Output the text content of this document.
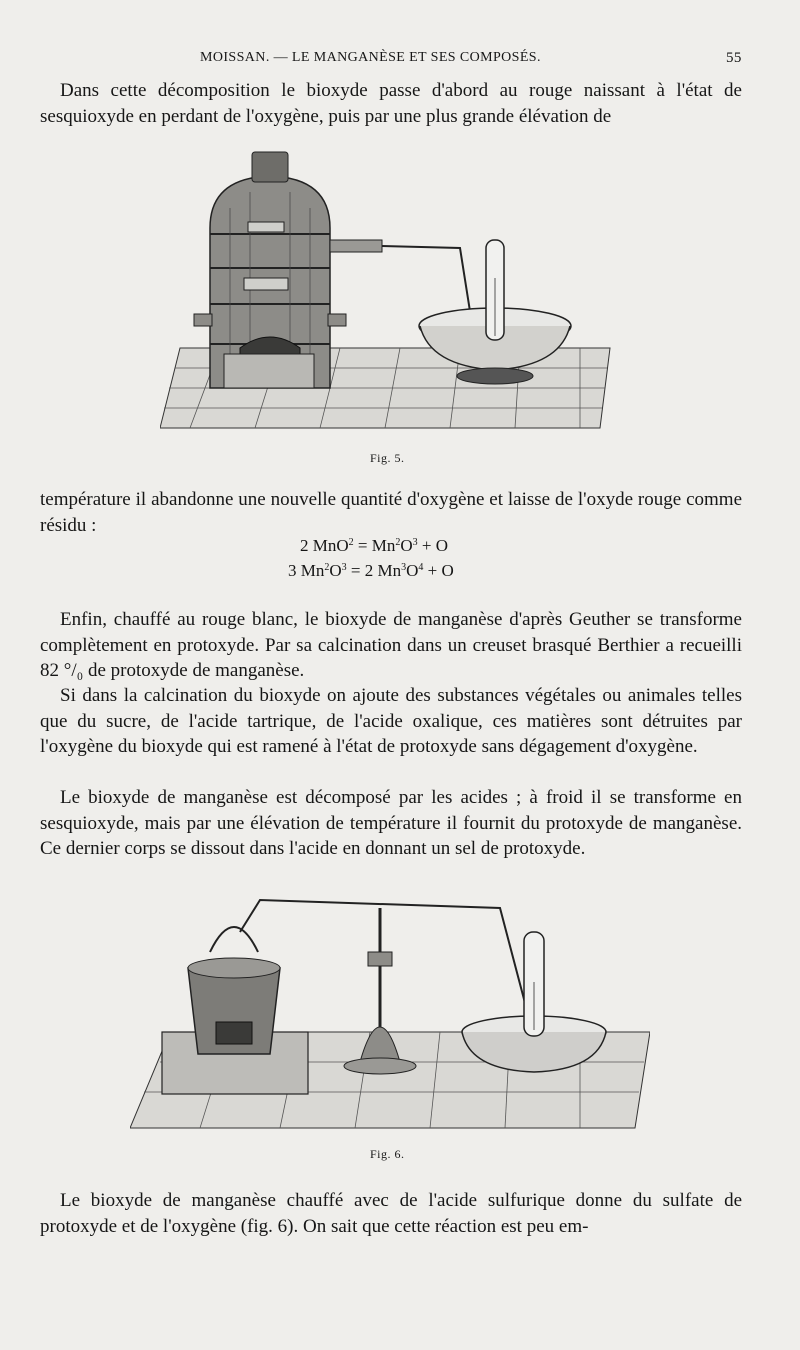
MOISSAN. — LE MANGANÈSE ET SES COMPOSÉS.	55

Dans cette décomposition le bioxyde passe d'abord au rouge naissant à l'état de sesquioxyde en perdant de l'oxygène, puis par une plus grande élévation de

Fig. 5.

température il abandonne une nouvelle quantité d'oxygène et laisse de l'oxyde rouge comme résidu :

2 $MnO^2 = Mn^2O^3 + O$
3 $Mn^2O^3 = 2$ $Mn^3O^4 + O$

Enfin, chauffé au rouge blanc, le bioxyde de manganèse d'après Geuther se transforme complètement en protoxyde. Par sa calcination dans un creuset brasqué Berthier a recueilli 82 °/₀ de protoxyde de manganèse.

Si dans la calcination du bioxyde on ajoute des substances végétales ou animales telles que du sucre, de l'acide tartrique, de l'acide oxalique, ces matières sont détruites par l'oxygène du bioxyde qui est ramené à l'état de protoxyde sans dégagement d'oxygène.

Le bioxyde de manganèse est décomposé par les acides ; à froid il se transforme en sesquioxyde, mais par une élévation de température il fournit du protoxyde de manganèse. Ce dernier corps se dissout dans l'acide en donnant un sel de protoxyde.

Fig. 6.

Le bioxyde de manganèse chauffé avec de l'acide sulfurique donne du sulfate de protoxyde et de l'oxygène (fig. 6). On sait que cette réaction est peu em-
